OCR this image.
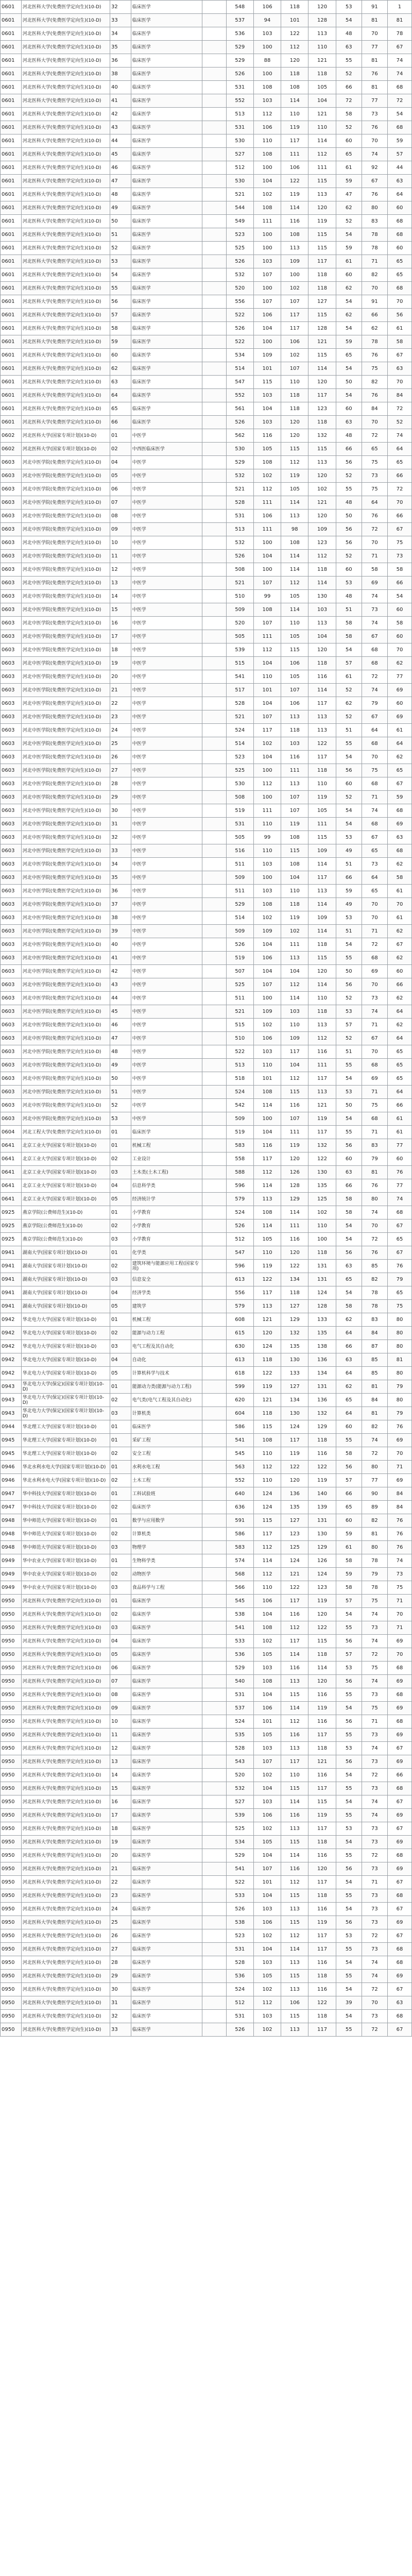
0601	河北医科大学(免费医学定向生)(10-D)	32	临床医学		548	106	118	120	53	91	1
0601	河北医科大学(免费医学定向生)(10-D)	33	临床医学		537	94	101	128	54	81	81
0601	河北医科大学(免费医学定向生)(10-D)	34	临床医学		536	103	122	113	48	70	78
0601	河北医科大学(免费医学定向生)(10-D)	35	临床医学		529	100	112	110	63	77	67
0601	河北医科大学(免费医学定向生)(10-D)	36	临床医学		529	88	120	121	55	81	74
0601	河北医科大学(免费医学定向生)(10-D)	38	临床医学		526	100	118	118	52	76	74
0601	河北医科大学(免费医学定向生)(10-D)	40	临床医学		531	108	108	105	66	81	68
0601	河北医科大学(免费医学定向生)(10-D)	41	临床医学		552	103	114	104	72	77	72
0601	河北医科大学(免费医学定向生)(10-D)	42	临床医学		513	112	110	121	58	73	54
0601	河北医科大学(免费医学定向生)(10-D)	43	临床医学		531	106	119	110	52	76	68
0601	河北医科大学(免费医学定向生)(10-D)	44	临床医学		530	110	117	114	60	70	59
0601	河北医科大学(免费医学定向生)(10-D)	45	临床医学		527	108	111	112	65	74	57
0601	河北医科大学(免费医学定向生)(10-D)	46	临床医学		512	100	106	111	61	92	44
0601	河北医科大学(免费医学定向生)(10-D)	47	临床医学		530	104	122	115	59	67	63
0601	河北医科大学(免费医学定向生)(10-D)	48	临床医学		521	102	119	113	47	76	64
0601	河北医科大学(免费医学定向生)(10-D)	49	临床医学		544	108	114	120	62	80	60
0601	河北医科大学(免费医学定向生)(10-D)	50	临床医学		549	111	116	119	52	83	68
0601	河北医科大学(免费医学定向生)(10-D)	51	临床医学		523	100	108	115	54	78	68
0601	河北医科大学(免费医学定向生)(10-D)	52	临床医学		525	100	113	115	59	78	60
0601	河北医科大学(免费医学定向生)(10-D)	53	临床医学		526	103	109	117	61	71	65
0601	河北医科大学(免费医学定向生)(10-D)	54	临床医学		532	107	100	118	60	82	65
0601	河北医科大学(免费医学定向生)(10-D)	55	临床医学		520	100	102	118	62	70	68
0601	河北医科大学(免费医学定向生)(10-D)	56	临床医学		556	107	107	127	54	91	70
0601	河北医科大学(免费医学定向生)(10-D)	57	临床医学		522	106	117	115	62	66	56
0601	河北医科大学(免费医学定向生)(10-D)	58	临床医学		526	104	117	128	54	62	61
0601	河北医科大学(免费医学定向生)(10-D)	59	临床医学		522	100	106	121	59	78	58
0601	河北医科大学(免费医学定向生)(10-D)	60	临床医学		534	109	102	115	65	76	67
0601	河北医科大学(免费医学定向生)(10-D)	62	临床医学		514	101	107	114	54	75	63
0601	河北医科大学(免费医学定向生)(10-D)	63	临床医学		547	115	110	120	50	82	70
0601	河北医科大学(免费医学定向生)(10-D)	64	临床医学		552	103	118	117	54	76	84
0601	河北医科大学(免费医学定向生)(10-D)	65	临床医学		561	104	118	123	60	84	72
0601	河北医科大学(免费医学定向生)(10-D)	66	临床医学		526	103	120	118	63	70	52
0602	河北医科大学(国家专项计划)(10-D)	01	中医学		562	116	120	132	48	72	74
0602	河北医科大学(国家专项计划)(10-D)	02	中西医临床医学		530	105	115	115	66	65	64
0603	河北中医学院(免费医学定向生)(10-D)	04	中医学		529	108	112	113	56	75	65
0603	河北中医学院(免费医学定向生)(10-D)	05	中医学		532	102	119	120	52	73	66
0603	河北中医学院(免费医学定向生)(10-D)	06	中医学		521	112	105	102	55	75	72
0603	河北中医学院(免费医学定向生)(10-D)	07	中医学		528	111	114	121	48	64	70
0603	河北中医学院(免费医学定向生)(10-D)	08	中医学		531	106	113	120	50	76	66
0603	河北中医学院(免费医学定向生)(10-D)	09	中医学		513	111	98	109	56	72	67
0603	河北中医学院(免费医学定向生)(10-D)	10	中医学		532	100	108	123	56	70	75
0603	河北中医学院(免费医学定向生)(10-D)	11	中医学		526	104	114	112	52	71	73
0603	河北中医学院(免费医学定向生)(10-D)	12	中医学		508	100	114	118	60	58	58
0603	河北中医学院(免费医学定向生)(10-D)	13	中医学		521	107	112	114	53	69	66
0603	河北中医学院(免费医学定向生)(10-D)	14	中医学		510	99	105	130	48	74	54
0603	河北中医学院(免费医学定向生)(10-D)	15	中医学		509	108	114	103	51	73	60
0603	河北中医学院(免费医学定向生)(10-D)	16	中医学		520	107	110	113	58	74	58
0603	河北中医学院(免费医学定向生)(10-D)	17	中医学		505	111	105	104	58	67	60
0603	河北中医学院(免费医学定向生)(10-D)	18	中医学		539	112	115	120	54	68	70
0603	河北中医学院(免费医学定向生)(10-D)	19	中医学		515	104	106	118	57	68	62
0603	河北中医学院(免费医学定向生)(10-D)	20	中医学		541	110	105	116	61	72	77
0603	河北中医学院(免费医学定向生)(10-D)	21	中医学		517	101	107	114	52	74	69
0603	河北中医学院(免费医学定向生)(10-D)	22	中医学		528	104	106	117	62	79	60
0603	河北中医学院(免费医学定向生)(10-D)	23	中医学		521	107	113	113	52	67	69
0603	河北中医学院(免费医学定向生)(10-D)	24	中医学		524	117	118	113	51	64	61
0603	河北中医学院(免费医学定向生)(10-D)	25	中医学		514	102	103	122	55	68	64
0603	河北中医学院(免费医学定向生)(10-D)	26	中医学		523	104	116	117	54	70	62
0603	河北中医学院(免费医学定向生)(10-D)	27	中医学		525	100	111	118	56	75	65
0603	河北中医学院(免费医学定向生)(10-D)	28	中医学		530	112	113	110	60	68	67
0603	河北中医学院(免费医学定向生)(10-D)	29	中医学		508	100	107	119	52	71	59
0603	河北中医学院(免费医学定向生)(10-D)	30	中医学		519	111	107	105	54	74	68
0603	河北中医学院(免费医学定向生)(10-D)	31	中医学		531	110	119	111	54	68	69
0603	河北中医学院(免费医学定向生)(10-D)	32	中医学		505	99	108	115	53	67	63
0603	河北中医学院(免费医学定向生)(10-D)	33	中医学		516	110	115	109	49	65	68
0603	河北中医学院(免费医学定向生)(10-D)	34	中医学		511	103	108	114	51	73	62
0603	河北中医学院(免费医学定向生)(10-D)	35	中医学		509	100	104	117	66	64	58
0603	河北中医学院(免费医学定向生)(10-D)	36	中医学		511	103	110	113	59	65	61
0603	河北中医学院(免费医学定向生)(10-D)	37	中医学		529	108	118	114	49	70	70
0603	河北中医学院(免费医学定向生)(10-D)	38	中医学		514	102	119	109	53	70	61
0603	河北中医学院(免费医学定向生)(10-D)	39	中医学		509	109	102	114	51	71	62
0603	河北中医学院(免费医学定向生)(10-D)	40	中医学		526	104	111	118	54	72	67
0603	河北中医学院(免费医学定向生)(10-D)	41	中医学		519	106	113	115	55	68	62
0603	河北中医学院(免费医学定向生)(10-D)	42	中医学		507	104	104	120	50	69	60
0603	河北中医学院(免费医学定向生)(10-D)	43	中医学		525	107	112	114	56	70	66
0603	河北中医学院(免费医学定向生)(10-D)	44	中医学		511	100	114	110	52	73	62
0603	河北中医学院(免费医学定向生)(10-D)	45	中医学		521	109	103	118	53	74	64
0603	河北中医学院(免费医学定向生)(10-D)	46	中医学		515	102	110	113	57	71	62
0603	河北中医学院(免费医学定向生)(10-D)	47	中医学		510	106	109	112	52	67	64
0603	河北中医学院(免费医学定向生)(10-D)	48	中医学		522	103	117	116	51	70	65
0603	河北中医学院(免费医学定向生)(10-D)	49	中医学		513	110	104	111	55	68	65
0603	河北中医学院(免费医学定向生)(10-D)	50	中医学		518	101	112	117	54	69	65
0603	河北中医学院(免费医学定向生)(10-D)	51	中医学		524	108	115	113	53	71	64
0603	河北中医学院(免费医学定向生)(10-D)	52	中医学		542	114	116	121	50	75	66
0603	河北中医学院(免费医学定向生)(10-D)	53	中医学		509	100	107	119	54	68	61
0604	河北工程大学(免费医学定向生)(10-D)	01	临床医学		519	104	111	117	55	71	61
0641	北京工业大学(国家专项计划)(10-D)	01	机械工程		583	116	119	132	56	83	77
0641	北京工业大学(国家专项计划)(10-D)	02	工业设计		558	117	120	122	60	79	60
0641	北京工业大学(国家专项计划)(10-D)	03	土木类(土木工程)		588	112	126	130	63	81	76
0641	北京工业大学(国家专项计划)(10-D)	04	信息科学类		596	114	128	135	66	76	77
0641	北京工业大学(国家专项计划)(10-D)	05	经济统计学		579	113	129	125	58	80	74
0925	燕京学院(公费师范生)(10-D)	01	小学教育		524	108	114	102	58	74	68
0925	燕京学院(公费师范生)(10-D)	02	小学教育		526	114	111	110	54	70	67
0925	燕京学院(公费师范生)(10-D)	03	小学教育		512	105	116	100	54	72	65
0941	湖南大学(国家专项计划)(10-D)	01	化学类		547	110	120	118	56	76	67
0941	湖南大学(国家专项计划)(10-D)	02	建筑环境与能源应用工程(国家专项)		596	119	122	131	63	85	76
0941	湖南大学(国家专项计划)(10-D)	03	信息安全		613	122	134	131	65	82	79
0941	湖南大学(国家专项计划)(10-D)	04	经济学类		556	117	118	124	54	78	65
0941	湖南大学(国家专项计划)(10-D)	05	建筑学		579	113	127	128	58	78	75
0942	华北电力大学(国家专项计划)(10-D)	01	机械工程		608	121	129	133	62	83	80
0942	华北电力大学(国家专项计划)(10-D)	02	能源与动力工程		615	120	132	135	64	84	80
0942	华北电力大学(国家专项计划)(10-D)	03	电气工程及其自动化		630	124	135	138	66	87	80
0942	华北电力大学(国家专项计划)(10-D)	04	自动化		613	118	130	136	63	85	81
0942	华北电力大学(国家专项计划)(10-D)	05	计算机科学与技术		618	122	133	134	64	85	80
0943	华北电力大学(保定)(国家专项计划)(10-D)	01	能源动力类(能源与动力工程)		599	119	127	131	62	81	79
0943	华北电力大学(保定)(国家专项计划)(10-D)	02	电气类(电气工程及其自动化)		620	121	134	136	65	84	80
0943	华北电力大学(保定)(国家专项计划)(10-D)	03	计算机类		604	118	130	132	64	81	79
0944	华北理工大学(国家专项计划)(10-D)	01	临床医学		586	115	124	129	60	82	76
0945	华北理工大学(国家专项计划)(10-D)	01	采矿工程		541	108	117	118	55	74	69
0945	华北理工大学(国家专项计划)(10-D)	02	安全工程		545	110	119	116	58	72	70
0946	华北水利水电大学(国家专项计划)(10-D)	01	水利水电工程		563	112	122	122	56	80	71
0946	华北水利水电大学(国家专项计划)(10-D)	02	土木工程		552	110	120	119	57	77	69
0947	华中科技大学(国家专项计划)(10-D)	01	工科试验班		640	124	136	140	66	90	84
0947	华中科技大学(国家专项计划)(10-D)	02	临床医学		636	124	135	139	65	89	84
0948	华中师范大学(国家专项计划)(10-D)	01	数学与应用数学		591	115	127	131	60	82	76
0948	华中师范大学(国家专项计划)(10-D)	02	计算机类		586	117	123	130	59	81	76
0948	华中师范大学(国家专项计划)(10-D)	03	物理学		583	112	125	129	61	80	76
0949	华中农业大学(国家专项计划)(10-D)	01	生物科学类		574	114	124	126	58	78	74
0949	华中农业大学(国家专项计划)(10-D)	02	动物医学		568	112	121	124	59	79	73
0949	华中农业大学(国家专项计划)(10-D)	03	食品科学与工程		566	110	122	123	58	78	75
0950	河北医科大学(免费医学定向生)(10-D)	01	临床医学		545	106	117	119	57	75	71
0950	河北医科大学(免费医学定向生)(10-D)	02	临床医学		538	104	116	120	54	74	70
0950	河北医科大学(免费医学定向生)(10-D)	03	临床医学		541	108	112	122	55	73	71
0950	河北医科大学(免费医学定向生)(10-D)	04	临床医学		533	102	117	115	56	74	69
0950	河北医科大学(免费医学定向生)(10-D)	05	临床医学		536	105	114	118	57	72	70
0950	河北医科大学(免费医学定向生)(10-D)	06	临床医学		529	103	116	114	53	75	68
0950	河北医科大学(免费医学定向生)(10-D)	07	临床医学		540	108	113	120	56	74	69
0950	河北医科大学(免费医学定向生)(10-D)	08	临床医学		531	104	115	116	55	73	68
0950	河北医科大学(免费医学定向生)(10-D)	09	临床医学		537	106	114	119	54	75	69
0950	河北医科大学(免费医学定向生)(10-D)	10	临床医学		524	101	112	116	56	71	68
0950	河北医科大学(免费医学定向生)(10-D)	11	临床医学		535	105	116	117	55	73	69
0950	河北医科大学(免费医学定向生)(10-D)	12	临床医学		528	103	113	118	53	74	67
0950	河北医科大学(免费医学定向生)(10-D)	13	临床医学		543	107	117	121	56	73	69
0950	河北医科大学(免费医学定向生)(10-D)	14	临床医学		520	102	110	116	54	72	66
0950	河北医科大学(免费医学定向生)(10-D)	15	临床医学		532	104	115	117	55	73	68
0950	河北医科大学(免费医学定向生)(10-D)	16	临床医学		527	103	114	115	54	74	67
0950	河北医科大学(免费医学定向生)(10-D)	17	临床医学		539	106	116	119	55	74	69
0950	河北医科大学(免费医学定向生)(10-D)	18	临床医学		525	102	113	117	53	73	67
0950	河北医科大学(免费医学定向生)(10-D)	19	临床医学		534	105	115	118	54	73	69
0950	河北医科大学(免费医学定向生)(10-D)	20	临床医学		529	104	114	116	55	72	68
0950	河北医科大学(免费医学定向生)(10-D)	21	临床医学		541	107	116	120	56	73	69
0950	河北医科大学(免费医学定向生)(10-D)	22	临床医学		522	101	112	117	54	71	67
0950	河北医科大学(免费医学定向生)(10-D)	23	临床医学		533	104	115	118	55	73	68
0950	河北医科大学(免费医学定向生)(10-D)	24	临床医学		526	103	113	116	54	73	67
0950	河北医科大学(免费医学定向生)(10-D)	25	临床医学		538	106	115	119	56	73	69
0950	河北医科大学(免费医学定向生)(10-D)	26	临床医学		523	102	112	117	53	72	67
0950	河北医科大学(免费医学定向生)(10-D)	27	临床医学		531	104	114	117	55	73	68
0950	河北医科大学(免费医学定向生)(10-D)	28	临床医学		528	103	113	116	54	74	68
0950	河北医科大学(免费医学定向生)(10-D)	29	临床医学		536	105	115	118	55	74	69
0950	河北医科大学(免费医学定向生)(10-D)	30	临床医学		524	102	113	116	54	72	67
0950	河北医科大学(免费医学定向生)(10-D)	31	临床医学		512	112	106	122	39	70	63
0950	河北医科大学(免费医学定向生)(10-D)	32	临床医学		531	103	115	118	54	73	68
0950	河北医科大学(免费医学定向生)(10-D)	33	临床医学		526	102	113	117	55	72	67
